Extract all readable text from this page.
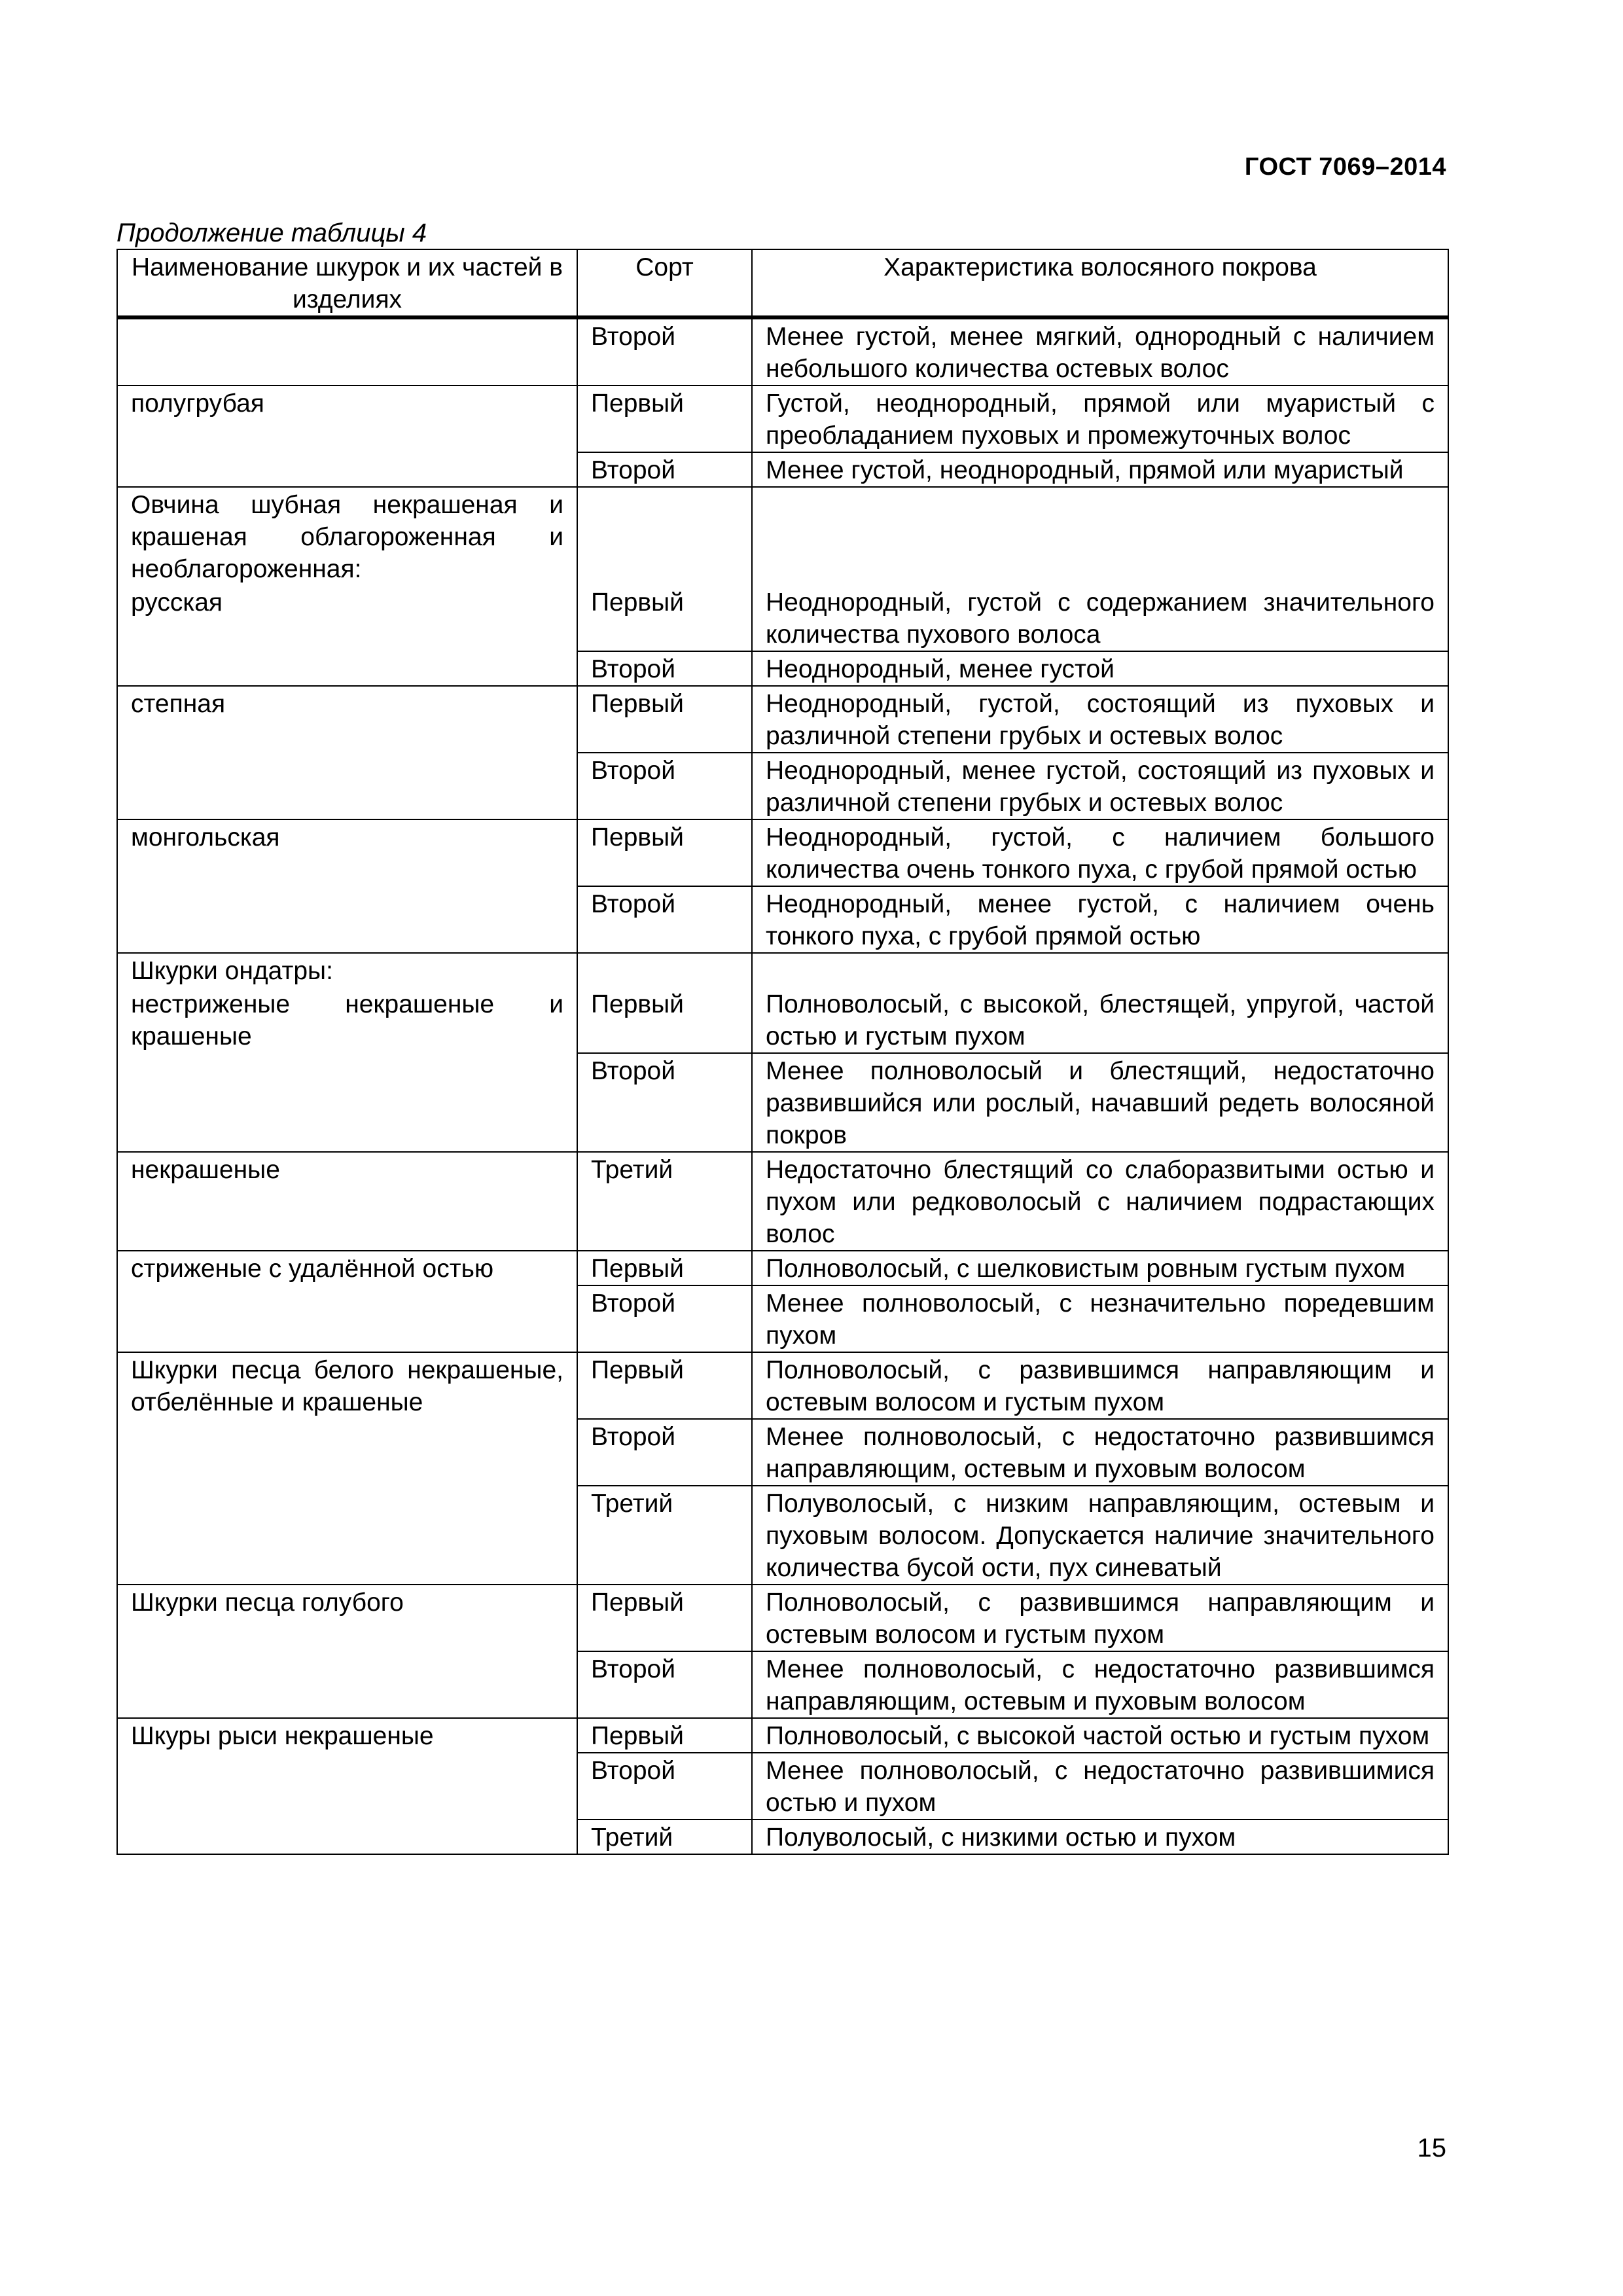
ГОСТ 7069–2014
Продолжение таблицы 4
Наименование шкурок и их частей в изделиях	Сорт	Характеристика волосяного покрова
	Второй	Менее густой, менее мягкий, однородный с наличием небольшого количества остевых волос
полугрубая	Первый	Густой, неоднородный, прямой или муаристый с преобладанием пуховых и промежуточных волос
	Второй	Менее густой, неоднородный, прямой или муаристый
Овчина шубная некрашеная и крашеная облагороженная и необлагороженная:		
русская	Первый	Неоднородный, густой с содержанием значительного количества пухового волоса
	Второй	Неоднородный, менее густой
степная	Первый	Неоднородный, густой, состоящий из пуховых и различной степени грубых и остевых волос
	Второй	Неоднородный, менее густой, состоящий из пуховых и различной степени грубых и остевых волос
монгольская	Первый	Неоднородный, густой, с наличием большого количества очень тонкого пуха, с грубой прямой остью
	Второй	Неоднородный, менее густой, с наличием очень тонкого пуха, с грубой прямой остью
Шкурки ондатры:		
нестриженые некрашеные и крашеные	Первый	Полноволосый, с высокой, блестящей, упругой, частой остью и густым пухом
	Второй	Менее полноволосый и блестящий, недостаточно развившийся или рослый, начавший редеть волосяной покров
некрашеные	Третий	Недостаточно блестящий со слаборазвитыми остью и пухом или редковолосый с наличием подрастающих волос
стриженые с удалённой остью	Первый	Полноволосый, с шелковистым ровным густым пухом
	Второй	Менее полноволосый, с незначительно поредевшим пухом
Шкурки песца белого некрашеные, отбелённые и крашеные	Первый	Полноволосый, с развившимся направляющим и остевым волосом и густым пухом
	Второй	Менее полноволосый, с недостаточно развившимся направляющим, остевым и пуховым волосом
	Третий	Полуволосый, с низким направляющим, остевым и пуховым волосом. Допускается наличие значительного количества бусой ости, пух синеватый
Шкурки песца голубого	Первый	Полноволосый, с развившимся направляющим и остевым волосом и густым пухом
	Второй	Менее полноволосый, с недостаточно развившимся направляющим, остевым и пуховым волосом
Шкуры рыси некрашеные	Первый	Полноволосый, с высокой частой остью и густым пухом
	Второй	Менее полноволосый, с недостаточно развившимися остью и пухом
	Третий	Полуволосый, с низкими остью и пухом
15
